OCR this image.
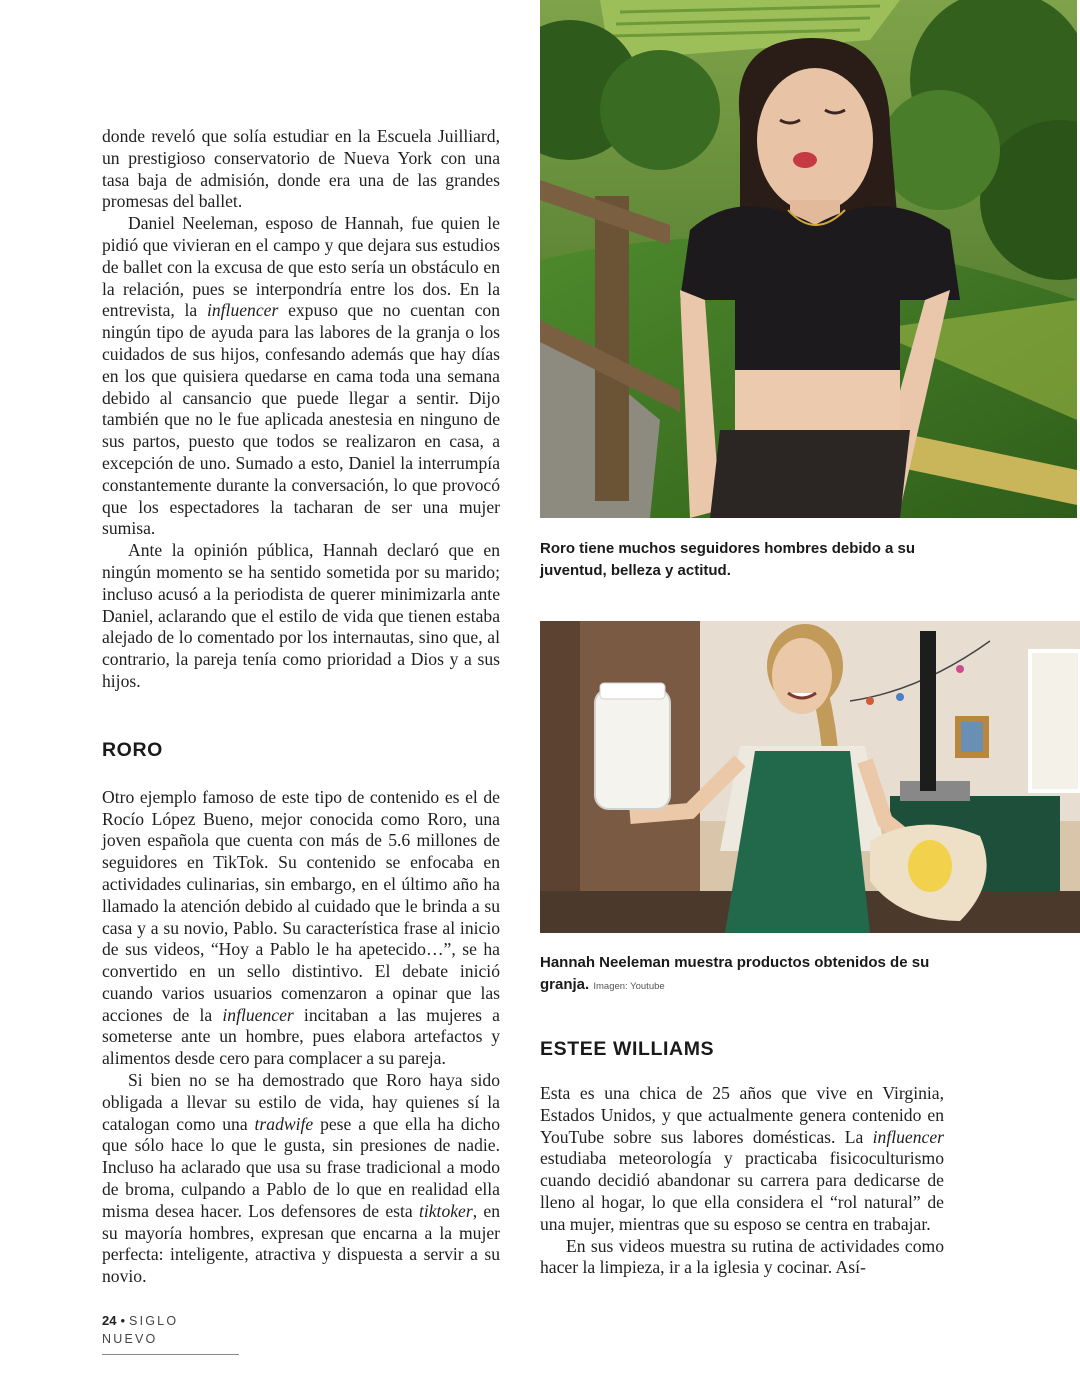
donde reveló que solía estudiar en la Escuela Juilliard, un prestigioso conservatorio de Nueva York con una tasa baja de admisión, donde era una de las grandes promesas del ballet.

Daniel Neeleman, esposo de Hannah, fue quien le pidió que vivieran en el campo y que dejara sus estudios de ballet con la excusa de que esto sería un obstáculo en la relación, pues se interpondría entre los dos. En la entrevista, la influencer expuso que no cuentan con ningún tipo de ayuda para las labores de la granja o los cuidados de sus hijos, confesando además que hay días en los que quisiera quedarse en cama toda una semana debido al cansancio que puede llegar a sentir. Dijo también que no le fue aplicada anestesia en ninguno de sus partos, puesto que todos se realizaron en casa, a excepción de uno. Sumado a esto, Daniel la interrumpía constantemente durante la conversación, lo que provocó que los espectadores la tacharan de ser una mujer sumisa.

Ante la opinión pública, Hannah declaró que en ningún momento se ha sentido sometida por su marido; incluso acusó a la periodista de querer minimizarla ante Daniel, aclarando que el estilo de vida que tienen estaba alejado de lo comentado por los internautas, sino que, al contrario, la pareja tenía como prioridad a Dios y a sus hijos.

RORO

Otro ejemplo famoso de este tipo de contenido es el de Rocío López Bueno, mejor conocida como Roro, una joven española que cuenta con más de 5.6 millones de seguidores en TikTok. Su contenido se enfocaba en actividades culinarias, sin embargo, en el último año ha llamado la atención debido al cuidado que le brinda a su casa y a su novio, Pablo. Su característica frase al inicio de sus videos, “Hoy a Pablo le ha apetecido…”, se ha convertido en un sello distintivo. El debate inició cuando varios usuarios comenzaron a opinar que las acciones de la influencer incitaban a las mujeres a someterse ante un hombre, pues elabora artefactos y alimentos desde cero para complacer a su pareja.

Si bien no se ha demostrado que Roro haya sido obligada a llevar su estilo de vida, hay quienes sí la catalogan como una tradwife pese a que ella ha dicho que sólo hace lo que le gusta, sin presiones de nadie. Incluso ha aclarado que usa su frase tradicional a modo de broma, culpando a Pablo de lo que en realidad ella misma desea hacer. Los defensores de esta tiktoker, en su mayoría hombres, expresan que encarna a la mujer perfecta: inteligente, atractiva y dispuesta a servir a su novio.

Roro tiene muchos seguidores hombres debido a su juventud, belleza y actitud.

Hannah Neeleman muestra productos obtenidos de su granja. Imagen: Youtube

ESTEE WILLIAMS

Esta es una chica de 25 años que vive en Virginia, Estados Unidos, y que actualmente genera contenido en YouTube sobre sus labores domésticas. La influencer estudiaba meteorología y practicaba fisicoculturismo cuando decidió abandonar su carrera para dedicarse de lleno al hogar, lo que ella considera el “rol natural” de una mujer, mientras que su esposo se centra en trabajar.

En sus videos muestra su rutina de actividades como hacer la limpieza, ir a la iglesia y cocinar. Así-

24 • SIGLO NUEVO
